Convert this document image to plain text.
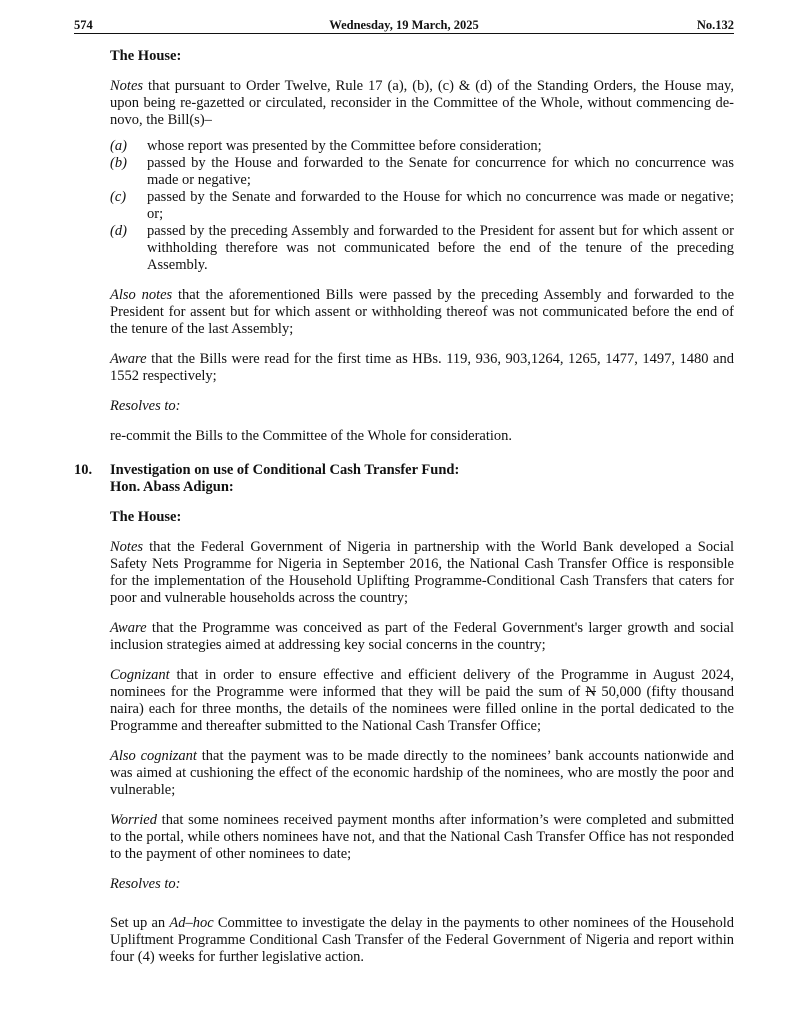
574	Wednesday, 19 March, 2025	No.132

The House:

Notes that pursuant to Order Twelve, Rule 17 (a), (b), (c) & (d) of the Standing Orders, the House may, upon being re-gazetted or circulated, reconsider in the Committee of the Whole, without commencing de-novo, the Bill(s)–

(a) whose report was presented by the Committee before consideration;
(b) passed by the House and forwarded to the Senate for concurrence for which no concurrence was made or negative;
(c) passed by the Senate and forwarded to the House for which no concurrence was made or negative; or;
(d) passed by the preceding Assembly and forwarded to the President for assent but for which assent or withholding therefore was not communicated before the end of the tenure of the preceding Assembly.

Also notes that the aforementioned Bills were passed by the preceding Assembly and forwarded to the President for assent but for which assent or withholding thereof was not communicated before the end of the tenure of the last Assembly;

Aware that the Bills were read for the first time as HBs. 119, 936, 903,1264, 1265, 1477, 1497, 1480 and 1552 respectively;

Resolves to:

re-commit the Bills to the Committee of the Whole for consideration.

10. Investigation on use of Conditional Cash Transfer Fund:

Hon. Abass Adigun:

The House:

Notes that the Federal Government of Nigeria in partnership with the World Bank developed a Social Safety Nets Programme for Nigeria in September 2016, the National Cash Transfer Office is responsible for the implementation of the Household Uplifting Programme-Conditional Cash Transfers that caters for poor and vulnerable households across the country;

Aware that the Programme was conceived as part of the Federal Government's larger growth and social inclusion strategies aimed at addressing key social concerns in the country;

Cognizant that in order to ensure effective and efficient delivery of the Programme in August 2024, nominees for the Programme were informed that they will be paid the sum of N 50,000 (fifty thousand naira) each for three months, the details of the nominees were filled online in the portal dedicated to the Programme and thereafter submitted to the National Cash Transfer Office;

Also cognizant that the payment was to be made directly to the nominees’ bank accounts nationwide and was aimed at cushioning the effect of the economic hardship of the nominees, who are mostly the poor and vulnerable;

Worried that some nominees received payment months after information’s were completed and submitted to the portal, while others nominees have not, and that the National Cash Transfer Office has not responded to the payment of other nominees to date;

Resolves to:

Set up an Ad–hoc Committee to investigate the delay in the payments to other nominees of the Household Upliftment Programme Conditional Cash Transfer of the Federal Government of Nigeria and report within four (4) weeks for further legislative action.
